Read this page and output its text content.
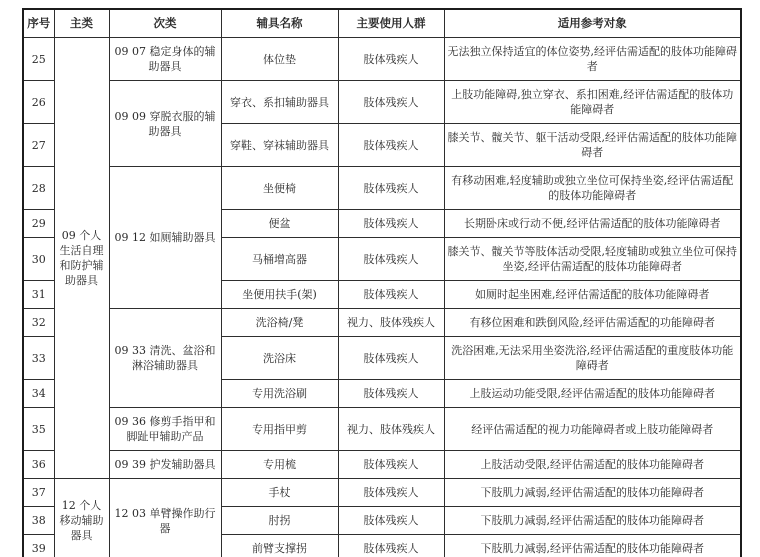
序号	主类	次类	辅具名称	主要使用人群	适用参考对象
25	09 个人生活自理和防护辅助器具	09 07 稳定身体的辅助器具	体位垫	肢体残疾人	无法独立保持适宜的体位姿势,经评估需适配的肢体功能障碍者
26		09 09 穿脱衣服的辅助器具	穿衣、系扣辅助器具	肢体残疾人	上肢功能障碍,独立穿衣、系扣困难,经评估需适配的肢体功能障碍者
27			穿鞋、穿袜辅助器具	肢体残疾人	膝关节、髋关节、躯干活动受限,经评估需适配的肢体功能障碍者
28		09 12 如厕辅助器具	坐便椅	肢体残疾人	有移动困难,轻度辅助或独立坐位可保持坐姿,经评估需适配的肢体功能障碍者
29			便盆	肢体残疾人	长期卧床或行动不便,经评估需适配的肢体功能障碍者
30			马桶增高器	肢体残疾人	膝关节、髋关节等肢体活动受限,轻度辅助或独立坐位可保持坐姿,经评估需适配的肢体功能障碍者
31			坐便用扶手(架)	肢体残疾人	如厕时起坐困难,经评估需适配的肢体功能障碍者
32		09 33 清洗、盆浴和淋浴辅助器具	洗浴椅/凳	视力、肢体残疾人	有移位困难和跌倒风险,经评估需适配的功能障碍者
33			洗浴床	肢体残疾人	洗浴困难,无法采用坐姿洗浴,经评估需适配的重度肢体功能障碍者
34			专用洗浴刷	肢体残疾人	上肢运动功能受限,经评估需适配的肢体功能障碍者
35		09 36 修剪手指甲和脚趾甲辅助产品	专用指甲剪	视力、肢体残疾人	经评估需适配的视力功能障碍者或上肢功能障碍者
36		09 39 护发辅助器具	专用梳	肢体残疾人	上肢活动受限,经评估需适配的肢体功能障碍者
37	12 个人移动辅助器具	12 03 单臂操作助行器	手杖	肢体残疾人	下肢肌力减弱,经评估需适配的肢体功能障碍者
38			肘拐	肢体残疾人	下肢肌力减弱,经评估需适配的肢体功能障碍者
39			前臂支撑拐	肢体残疾人	下肢肌力减弱,经评估需适配的肢体功能障碍者
